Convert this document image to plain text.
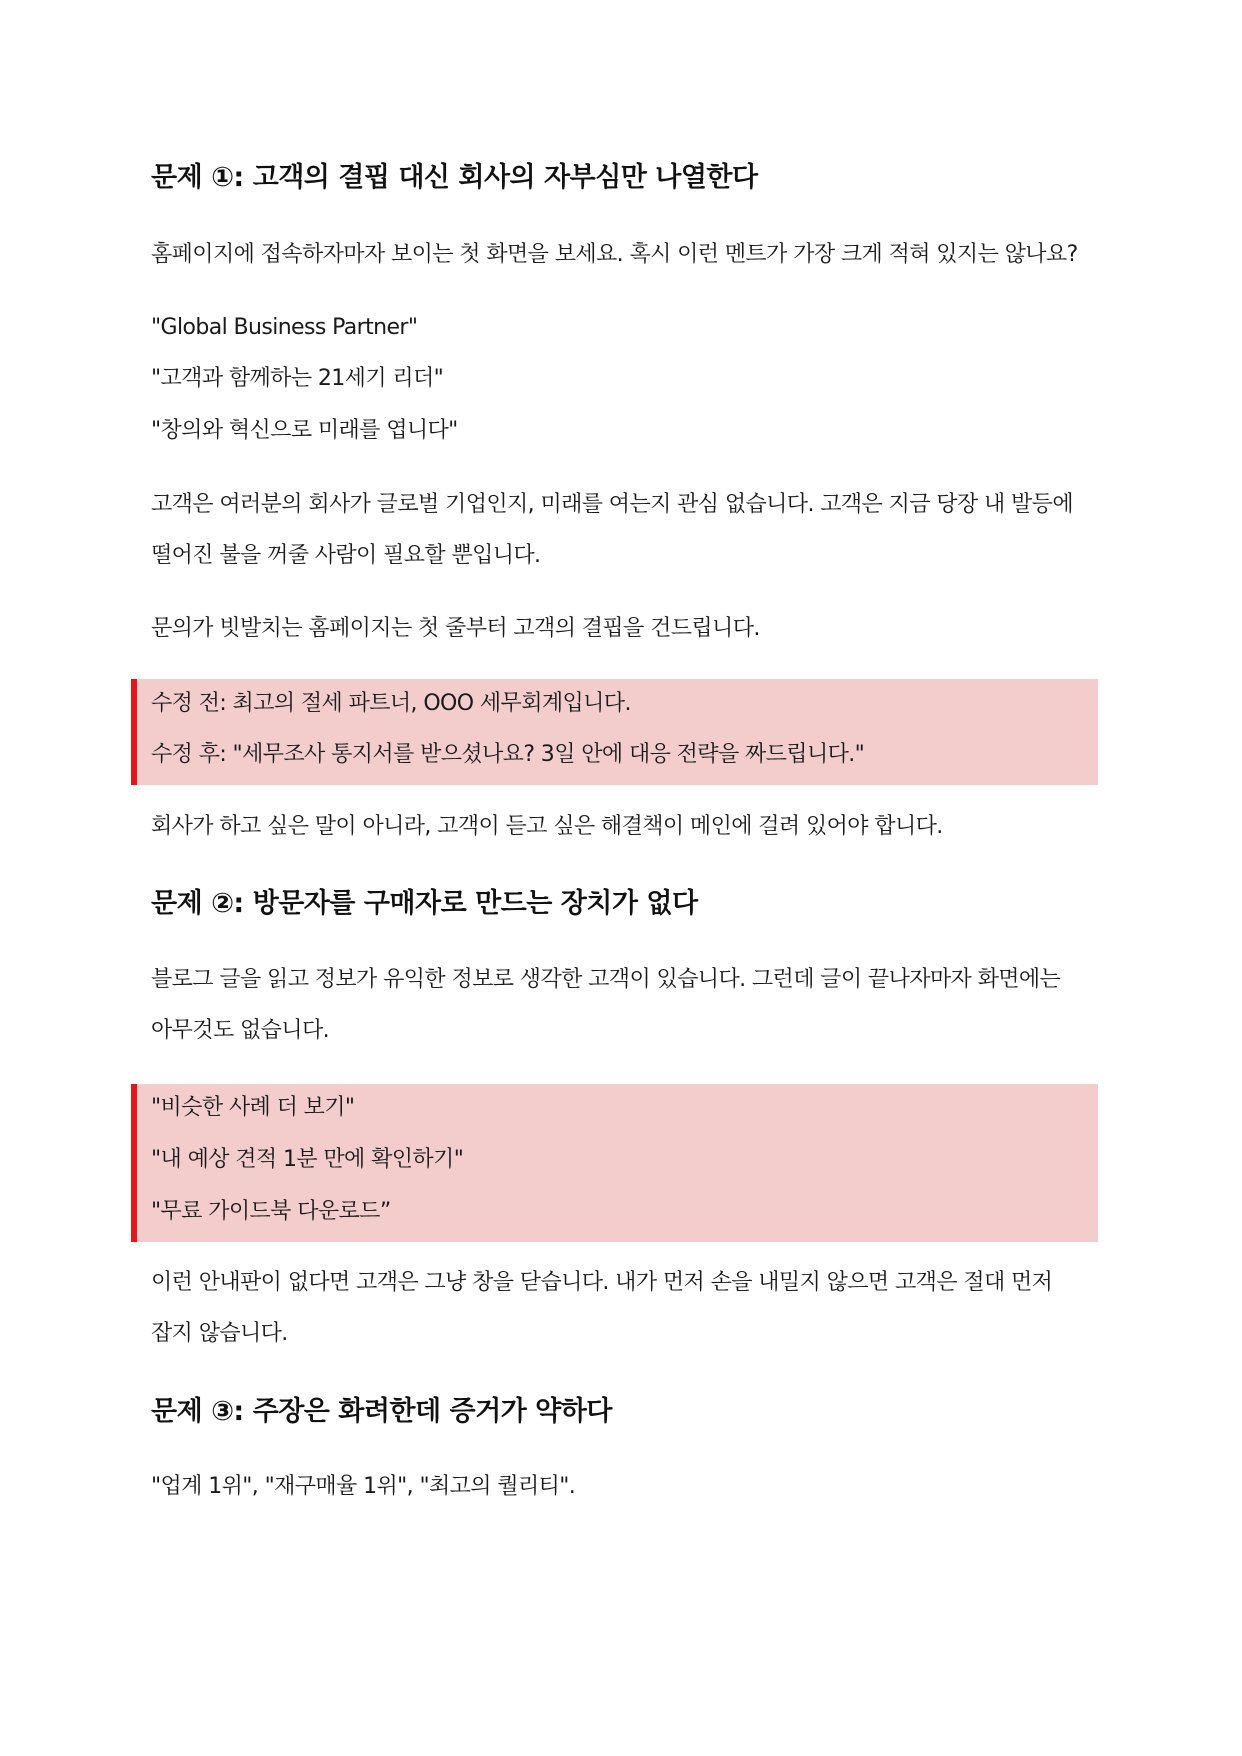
문제 ①: 고객의 결핍 대신 회사의 자부심만 나열한다

홈페이지에 접속하자마자 보이는 첫 화면을 보세요. 혹시 이런 멘트가 가장 크게 적혀 있지는 않나요?

"Global Business Partner"

"고객과 함께하는 21세기 리더"

"창의와 혁신으로 미래를 엽니다"

고객은 여러분의 회사가 글로벌 기업인지, 미래를 여는지 관심 없습니다. 고객은 지금 당장 내 발등에

떨어진 불을 꺼줄 사람이 필요할 뿐입니다.

문의가 빗발치는 홈페이지는 첫 줄부터 고객의 결핍을 건드립니다.

수정 전: 최고의 절세 파트너, OOO 세무회계입니다.

수정 후: "세무조사 통지서를 받으셨나요? 3일 안에 대응 전략을 짜드립니다."

회사가 하고 싶은 말이 아니라, 고객이 듣고 싶은 해결책이 메인에 걸려 있어야 합니다.

문제 ②: 방문자를 구매자로 만드는 장치가 없다

블로그 글을 읽고 정보가 유익한 정보로 생각한 고객이 있습니다. 그런데 글이 끝나자마자 화면에는

아무것도 없습니다.

"비슷한 사례 더 보기"

"내 예상 견적 1분 만에 확인하기"

"무료 가이드북 다운로드”

이런 안내판이 없다면 고객은 그냥 창을 닫습니다. 내가 먼저 손을 내밀지 않으면 고객은 절대 먼저

잡지 않습니다.

문제 ③: 주장은 화려한데 증거가 약하다

"업계 1위", "재구매율 1위", "최고의 퀄리티".
